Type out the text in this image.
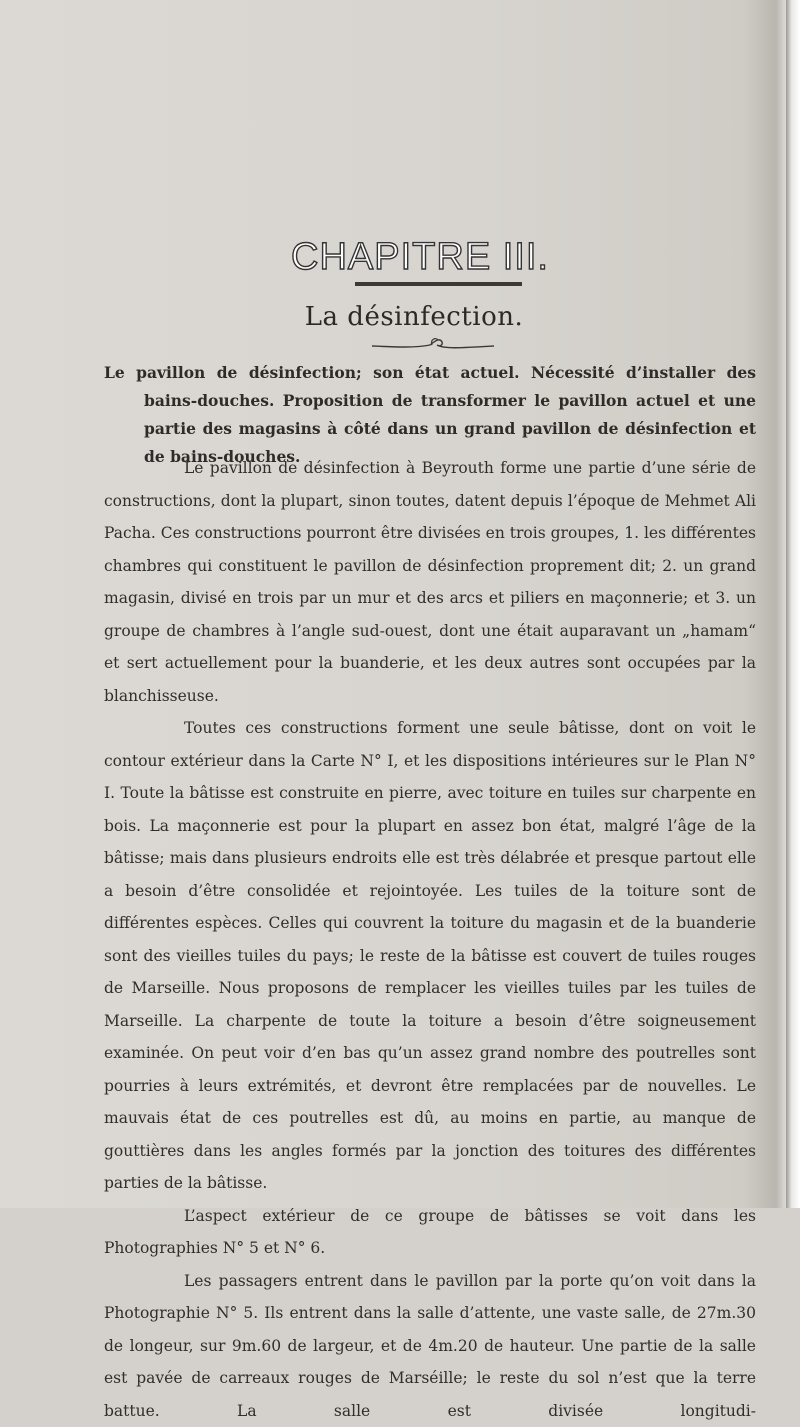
CHAPITRE III.
La désinfection.
Le pavillon de désinfection; son état actuel. Nécessité d’installer des bains-douches. Proposition de transformer le pavillon actuel et une partie des magasins à côté dans un grand pavillon de désinfection et de bains-douches.

Le pavillon de désinfection à Beyrouth forme une partie d’une série de constructions, dont la plupart, sinon toutes, datent depuis l’époque de Mehmet Ali Pacha. Ces constructions pourront être divisées en trois groupes, 1. les différentes chambres qui constituent le pavillon de désinfection proprement dit; 2. un grand magasin, divisé en trois par un mur et des arcs et piliers en maçonnerie; et 3. un groupe de chambres à l’angle sud-ouest, dont une était auparavant un „hamam“ et sert actuellement pour la buanderie, et les deux autres sont occupées par la blanchisseuse.

Toutes ces constructions forment une seule bâtisse, dont on voit le contour extérieur dans la Carte N° I, et les dispositions intérieures sur le Plan N° I. Toute la bâtisse est construite en pierre, avec toiture en tuiles sur charpente en bois. La maçonnerie est pour la plupart en assez bon état, malgré l’âge de la bâtisse; mais dans plusieurs endroits elle est très délabrée et presque partout elle a besoin d’être consolidée et rejointoyée. Les tuiles de la toiture sont de différentes espèces. Celles qui couvrent la toiture du magasin et de la buanderie sont des vieilles tuiles du pays; le reste de la bâtisse est couvert de tuiles rouges de Marseille. Nous proposons de remplacer les vieilles tuiles par les tuiles de Marseille. La charpente de toute la toiture a besoin d’être soigneusement examinée. On peut voir d’en bas qu’un assez grand nombre des poutrelles sont pourries à leurs extrémités, et devront être remplacées par de nouvelles. Le mauvais état de ces poutrelles est dû, au moins en partie, au manque de gouttières dans les angles formés par la jonction des toitures des différentes parties de la bâtisse.

L’aspect extérieur de ce groupe de bâtisses se voit dans les Photographies N° 5 et N° 6.

Les passagers entrent dans le pavillon par la porte qu’on voit dans la Photographie N° 5. Ils entrent dans la salle d’attente, une vaste salle, de 27m.30 de longeur, sur 9m.60 de largeur, et de 4m.20 de hauteur. Une partie de la salle est pavée de carreaux rouges de Marséille; le reste du sol n’est que la terre battue. La salle est divisée longitudi-
